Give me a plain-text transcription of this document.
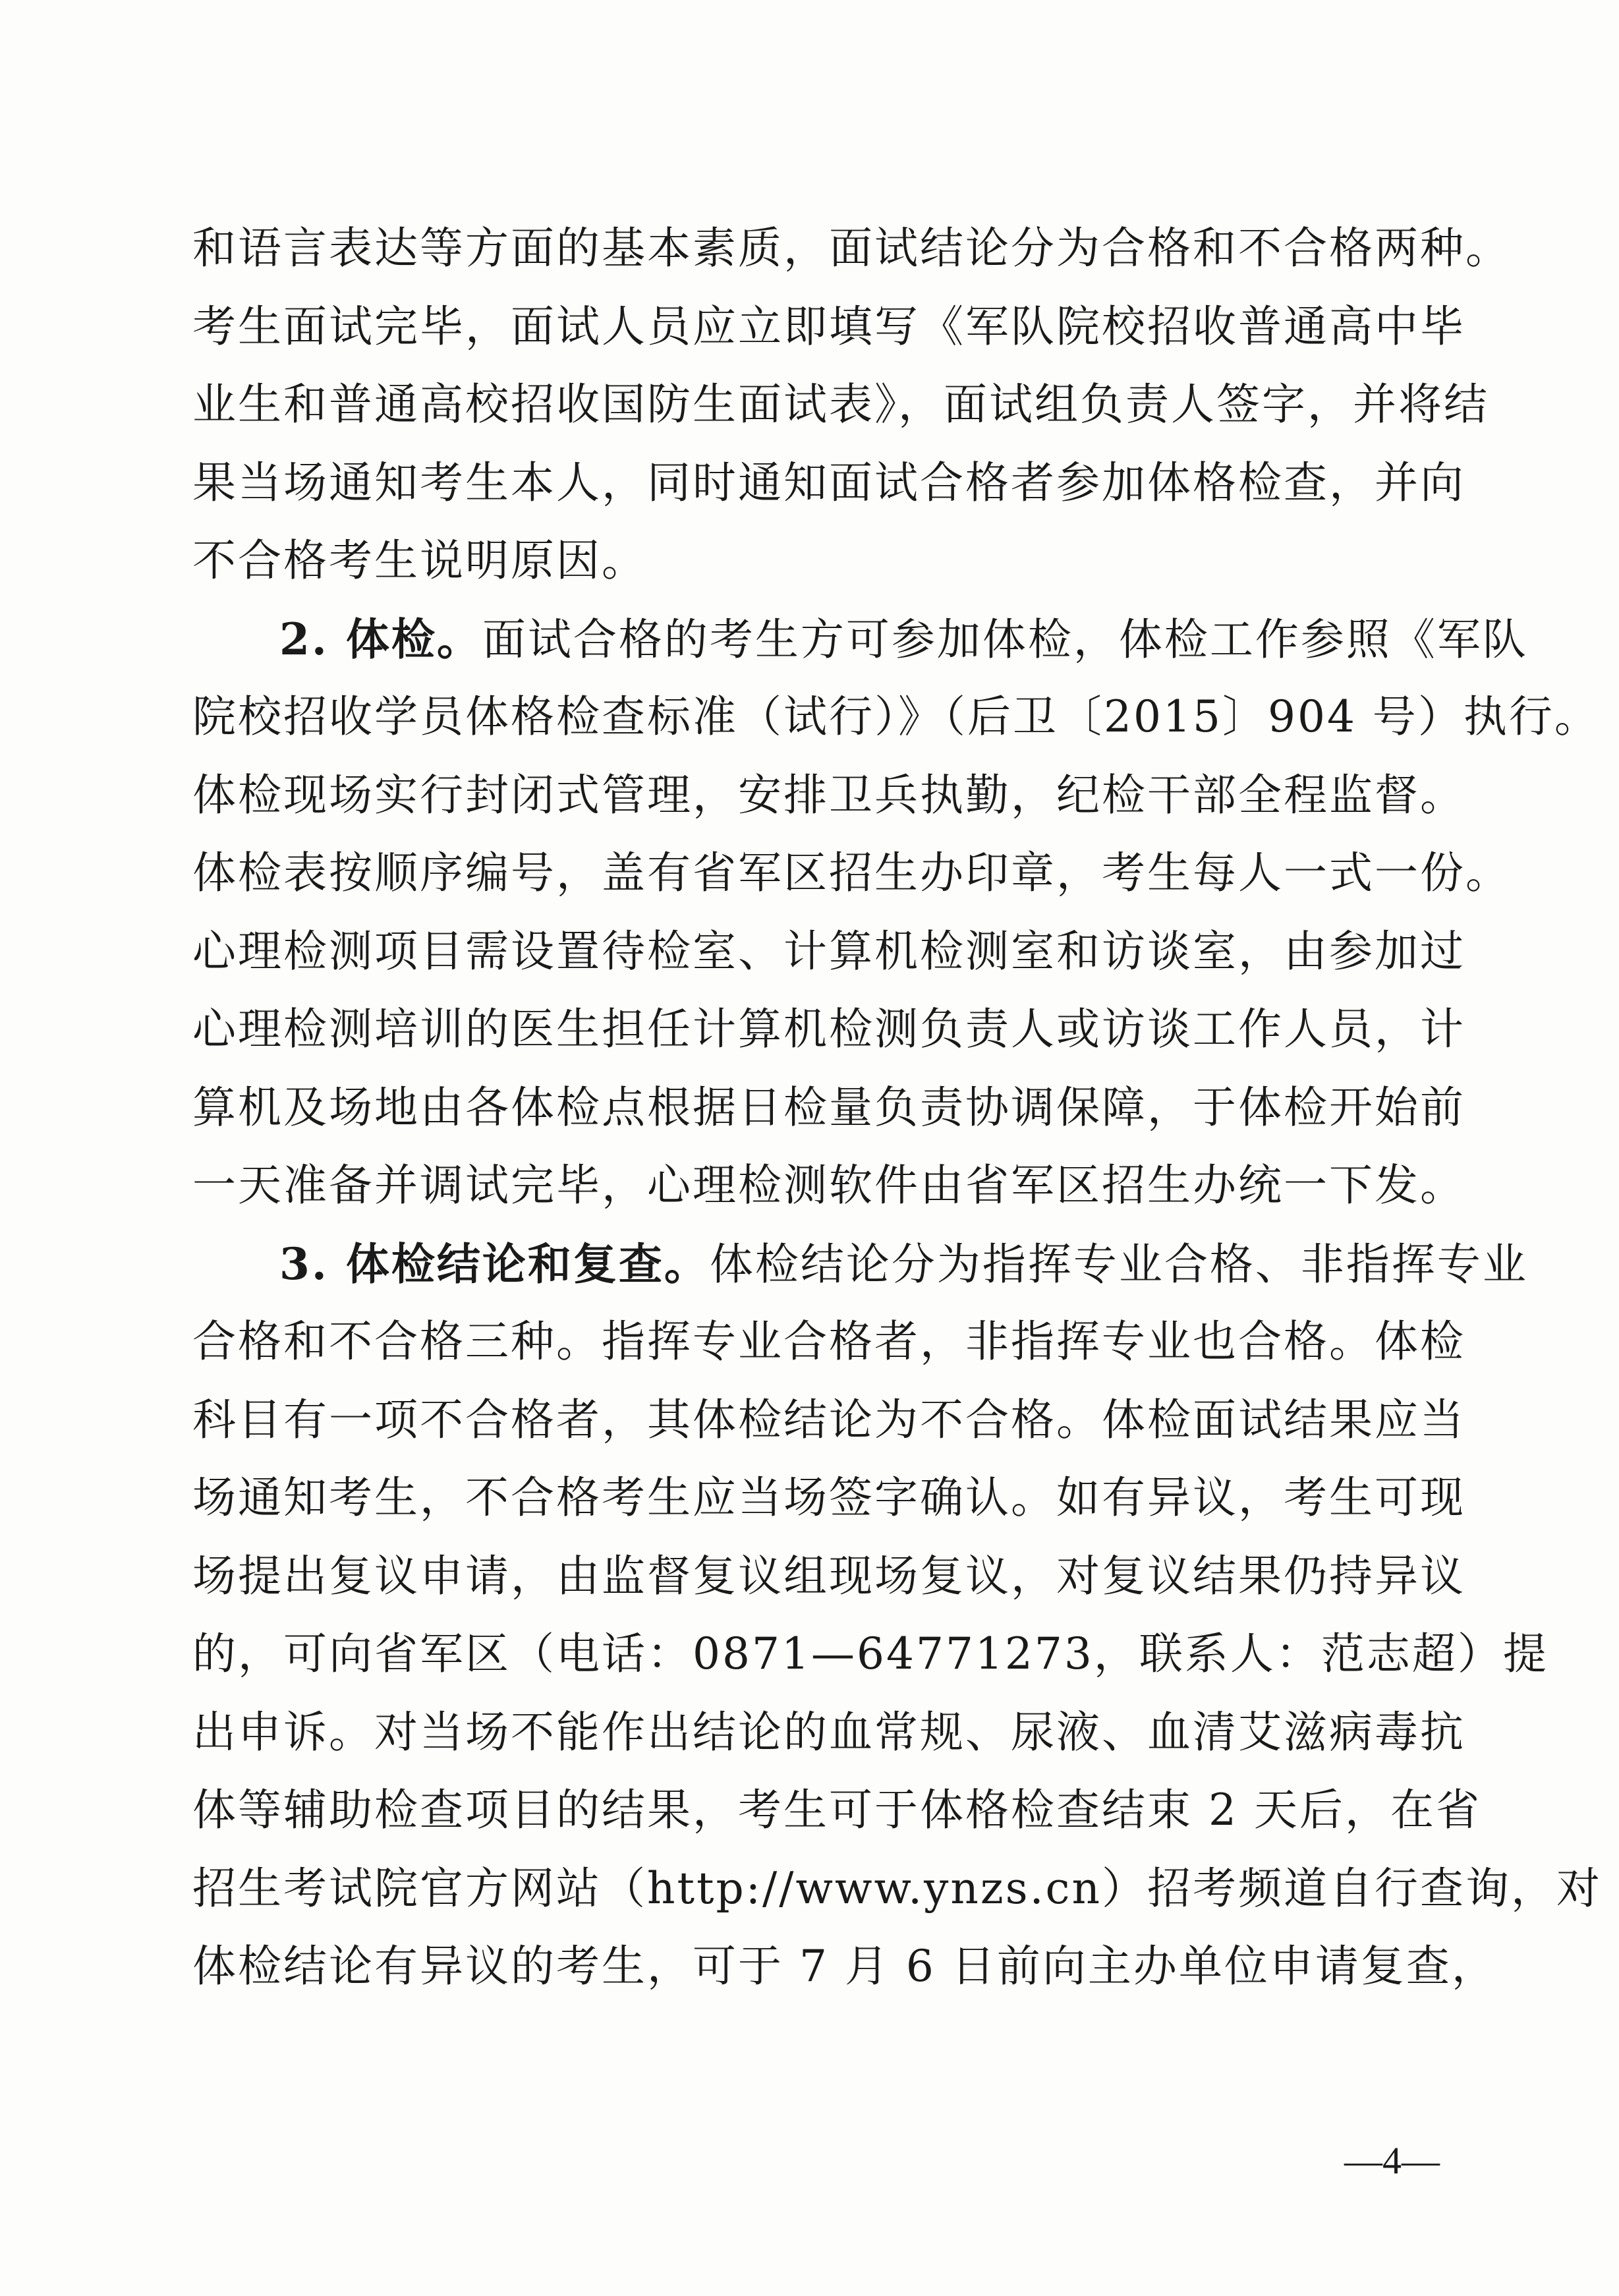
和语言表达等方面的基本素质，面试结论分为合格和不合格两种。
考生面试完毕，面试人员应立即填写《军队院校招收普通高中毕
业生和普通高校招收国防生面试表》，面试组负责人签字，并将结
果当场通知考生本人，同时通知面试合格者参加体格检查，并向
不合格考生说明原因。
2. 体检。面试合格的考生方可参加体检，体检工作参照《军队
院校招收学员体格检查标准（试行）》（后卫〔2015〕904 号）执行。
体检现场实行封闭式管理，安排卫兵执勤，纪检干部全程监督。
体检表按顺序编号，盖有省军区招生办印章，考生每人一式一份。
心理检测项目需设置待检室、计算机检测室和访谈室，由参加过
心理检测培训的医生担任计算机检测负责人或访谈工作人员，计
算机及场地由各体检点根据日检量负责协调保障，于体检开始前
一天准备并调试完毕，心理检测软件由省军区招生办统一下发。
3. 体检结论和复查。体检结论分为指挥专业合格、非指挥专业
合格和不合格三种。指挥专业合格者，非指挥专业也合格。体检
科目有一项不合格者，其体检结论为不合格。体检面试结果应当
场通知考生，不合格考生应当场签字确认。如有异议，考生可现
场提出复议申请，由监督复议组现场复议，对复议结果仍持异议
的，可向省军区（电话：0871—64771273，联系人：范志超）提
出申诉。对当场不能作出结论的血常规、尿液、血清艾滋病毒抗
体等辅助检查项目的结果，考生可于体格检查结束 2 天后，在省
招生考试院官方网站（http://www.ynzs.cn）招考频道自行查询，对
体检结论有异议的考生，可于 7 月 6 日前向主办单位申请复查，
—4—
